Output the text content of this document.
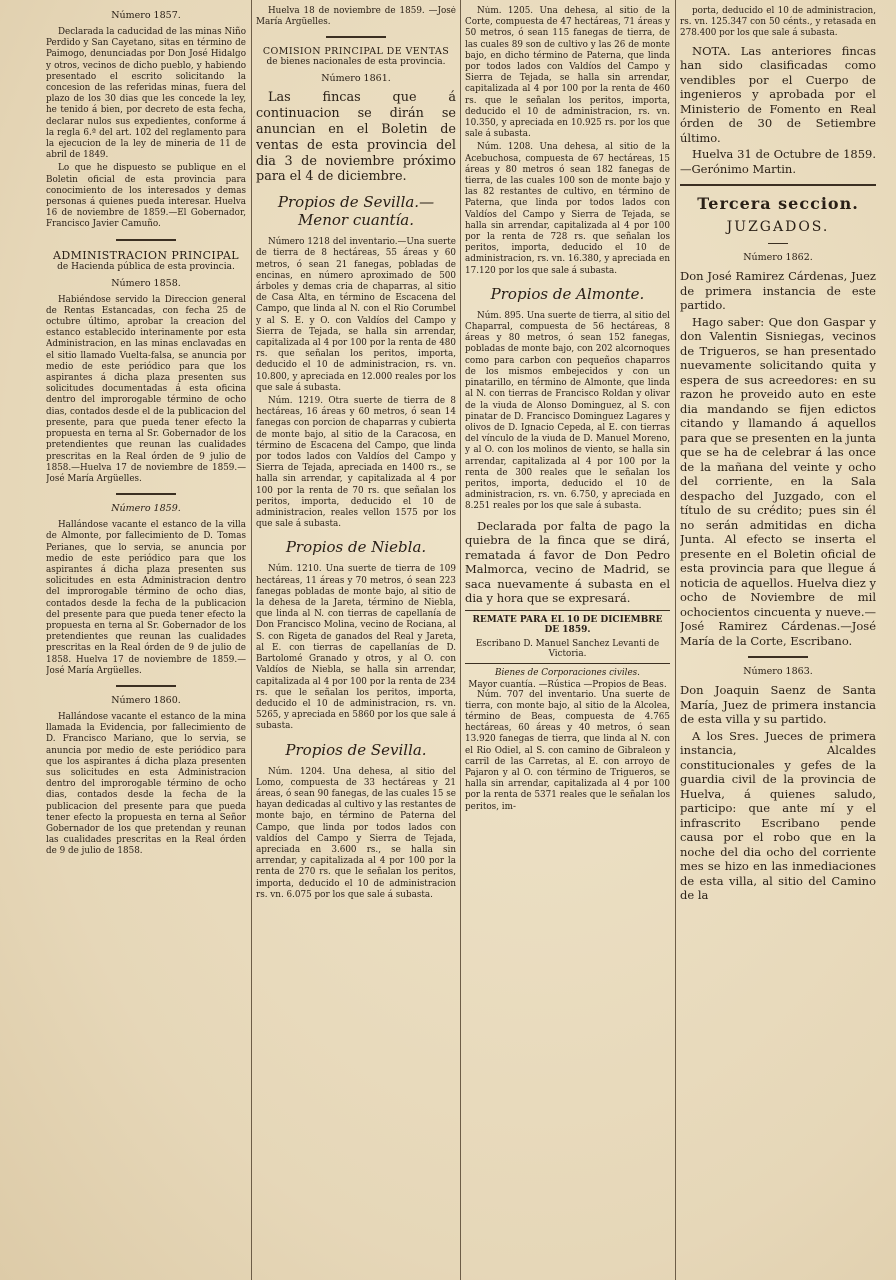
Número 1857.

Declarada la caducidad de las minas Niño Perdido y San Cayetano, sitas en término de Paimogo, denunciadas por Don José Hidalgo y otros, vecinos de dicho pueblo, y habiendo presentado el escrito solicitando la concesion de las referidas minas, fuera del plazo de los 30 dias que les concede la ley, he tenido á bien, por decreto de esta fecha, declarar nulos sus expedientes, conforme á la regla 6.ª del art. 102 del reglamento para la ejecucion de la ley de mineria de 11 de abril de 1849.

Lo que he dispuesto se publique en el Boletin oficial de esta provincia para conocimiento de los interesados y demas personas á quienes pueda interesar. Huelva 16 de noviembre de 1859.—El Gobernador, Francisco Javier Camuño.

ADMINISTRACION PRINCIPAL
de Hacienda pública de esta provincia.
Número 1858.

Habiéndose servido la Direccion general de Rentas Estancadas, con fecha 25 de octubre último, aprobar la creacion del estanco establecido interinamente por esta Administracion, en las minas enclavadas en el sitio llamado Vuelta-falsa, se anuncia por medio de este periódico para que los aspirantes á dicha plaza presenten sus solicitudes documentadas á esta oficina dentro del improrogable término de ocho dias, contados desde el de la publicacion del presente, para que pueda tener efecto la propuesta en terna al Sr. Gobernador de los pretendientes que reunan las cualidades prescritas en la Real órden de 9 julio de 1858.—Huelva 17 de noviembre de 1859.—José María Argüelles.

Número 1859.

Hallándose vacante el estanco de la villa de Almonte, por fallecimiento de D. Tomas Perianes, que lo servia, se anuncia por medio de este periódico para que los aspirantes á dicha plaza presenten sus solicitudes en esta Administracion dentro del improrogable término de ocho dias, contados desde la fecha de la publicacion del presente para que pueda tener efecto la propuesta en terna al Sr. Gobernador de los pretendientes que reunan las cualidades prescritas en la Real órden de 9 de julio de 1858. Huelva 17 de noviembre de 1859.—José María Argüelles.

Número 1860.

Hallándose vacante el estanco de la mina llamada la Evidencia, por fallecimiento de D. Francisco Mariano, que lo servia, se anuncia por medio de este periódico para que los aspirantes á dicha plaza presenten sus solicitudes en esta Administracion dentro del improrogable término de ocho dias, contados desde la fecha de la publicacion del presente para que pueda tener efecto la propuesta en terna al Señor Gobernador de los que pretendan y reunan las cualidades prescritas en la Real órden de 9 de julio de 1858.

Huelva 18 de noviembre de 1859. —José María Argüelles.

COMISION PRINCIPAL DE VENTAS
de bienes nacionales de esta provincia.
Número 1861.

Las fincas que á continuacion se dirán se anuncian en el Boletin de ventas de esta provincia del dia 3 de noviembre próximo para el 4 de diciembre.

Propios de Sevilla.—Menor cuantía.

Número 1218 del inventario.—Una suerte de tierra de 8 hectáreas, 55 áreas y 60 metros, ó sean 21 fanegas, pobladas de encinas, en número aproximado de 500 árboles y demas cria de chaparras, al sitio de Casa Alta, en término de Escacena del Campo, que linda al N. con el Rio Corumbel y al S. E. y O. con Valdíos del Campo y Sierra de Tejada, se halla sin arrendar, capitalizada al 4 por 100 por la renta de 480 rs. que señalan los peritos, importa, deducido el 10 de administracion, rs. vn. 10.800, y apreciada en 12.000 reales por los que sale á subasta.

Núm. 1219. Otra suerte de tierra de 8 hectáreas, 16 áreas y 60 metros, ó sean 14 fanegas con porcion de chaparras y cubierta de monte bajo, al sitio de la Caracosa, en término de Escacena del Campo, que linda por todos lados con Valdíos del Campo y Sierra de Tejada, apreciada en 1400 rs., se halla sin arrendar, y capitalizada al 4 por 100 por la renta de 70 rs. que señalan los peritos, importa, deducido el 10 de administracion, reales vellon 1575 por los que sale á subasta.

Propios de Niebla.

Núm. 1210. Una suerte de tierra de 109 hectáreas, 11 áreas y 70 metros, ó sean 223 fanegas pobladas de monte bajo, al sitio de la dehesa de la Jareta, término de Niebla, que linda al N. con tierras de capellanía de Don Francisco Molina, vecino de Rociana, al S. con Rigeta de ganados del Real y Jareta, al E. con tierras de capellanías de D. Bartolomé Granado y otros, y al O. con Valdíos de Niebla, se halla sin arrendar, capitalizada al 4 por 100 por la renta de 234 rs. que le señalan los peritos, importa, deducido el 10 de administracion, rs. vn. 5265, y apreciada en 5860 por los que sale á subasta.

Propios de Sevilla.

Núm. 1204. Una dehesa, al sitio del Lomo, compuesta de 33 hectáreas y 21 áreas, ó sean 90 fanegas, de las cuales 15 se hayan dedicadas al cultivo y las restantes de monte bajo, en término de Paterna del Campo, que linda por todos lados con valdíos del Campo y Sierra de Tejada, apreciada en 3.600 rs., se halla sin arrendar, y capitalizada al 4 por 100 por la renta de 270 rs. que le señalan los peritos, importa, deducido el 10 de administracion rs. vn. 6.075 por los que sale á subasta.

Núm. 1205. Una dehesa, al sitio de la Corte, compuesta de 47 hectáreas, 71 áreas y 50 metros, ó sean 115 fanegas de tierra, de las cuales 89 son de cultivo y las 26 de monte bajo, en dicho término de Paterna, que linda por todos lados con Valdíos del Campo y Sierra de Tejada, se halla sin arrendar, capitalizada al 4 por 100 por la renta de 460 rs. que le señalan los peritos, importa, deducido el 10 de administracion, rs. vn. 10.350, y apreciada en 10.925 rs. por los que sale á subasta.

Núm. 1208. Una dehesa, al sitio de la Acebuchosa, compuesta de 67 hectáreas, 15 áreas y 80 metros ó sean 182 fanegas de tierra, de las cuales 100 son de monte bajo y las 82 restantes de cultivo, en término de Paterna, que linda por todos lados con Valdíos del Campo y Sierra de Tejada, se halla sin arrendar, capitalizada al 4 por 100 por la renta de 728 rs. que señalan los peritos, importa, deducido el 10 de administracion, rs. vn. 16.380, y apreciada en 17.120 por los que sale á subasta.

Propios de Almonte.

Núm. 895. Una suerte de tierra, al sitio del Chaparral, compuesta de 56 hectáreas, 8 áreas y 80 metros, ó sean 152 fanegas, pobladas de monte bajo, con 202 alcornoques como para carbon con pequeños chaparros de los mismos embejecidos y con un pinatarillo, en término de Almonte, que linda al N. con tierras de Francisco Roldan y olivar de la viuda de Alonso Dominguez, al S. con pinatar de D. Francisco Dominguez Lagares y olivos de D. Ignacio Cepeda, al E. con tierras del vínculo de la viuda de D. Manuel Moreno, y al O. con los molinos de viento, se halla sin arrendar, capitalizada al 4 por 100 por la renta de 300 reales que le señalan los peritos, importa, deducido el 10 de administracion, rs. vn. 6.750, y apreciada en 8.251 reales por los que sale á subasta.

Declarada por falta de pago la quiebra de la finca que se dirá, rematada á favor de Don Pedro Malmorca, vecino de Madrid, se saca nuevamente á subasta en el dia y hora que se expresará.

REMATE PARA EL 10 DE DICIEMBRE DE 1859.
Escribano D. Manuel Sanchez Levanti de Victoria.
Bienes de Corporaciones civiles.
Mayor cuantía. —Rústica —Propios de Beas.

Núm. 707 del inventario. Una suerte de tierra, con monte bajo, al sitio de la Alcolea, término de Beas, compuesta de 4.765 hectáreas, 60 áreas y 40 metros, ó sean 13.920 fanegas de tierra, que linda al N. con el Rio Odiel, al S. con camino de Gibraleon y carril de las Carretas, al E. con arroyo de Pajaron y al O. con término de Trigueros, se halla sin arrendar, capitalizada al 4 por 100 por la renta de 5371 reales que le señalan los peritos, im-

porta, deducido el 10 de administracion, rs. vn. 125.347 con 50 cénts., y retasada en 278.400 por los que sale á subasta.

NOTA. Las anteriores fincas han sido clasificadas como vendibles por el Cuerpo de ingenieros y aprobada por el Ministerio de Fomento en Real órden de 30 de Setiembre último.

Huelva 31 de Octubre de 1859.—Gerónimo Martin.

Tercera seccion.
JUZGADOS.
Número 1862.

Don José Ramirez Cárdenas, Juez de primera instancia de este partido.

Hago saber: Que don Gaspar y don Valentin Sisniegas, vecinos de Trigueros, se han presentado nuevamente solicitando quita y espera de sus acreedores: en su razon he proveido auto en este dia mandando se fijen edictos citando y llamando á aquellos para que se presenten en la junta que se ha de celebrar á las once de la mañana del veinte y ocho del corriente, en la Sala despacho del Juzgado, con el título de su crédito; pues sin él no serán admitidas en dicha Junta. Al efecto se inserta el presente en el Boletin oficial de esta provincia para que llegue á noticia de aquellos. Huelva diez y ocho de Noviembre de mil ochocientos cincuenta y nueve.—José Ramirez Cárdenas.—José María de la Corte, Escribano.

Número 1863.

Don Joaquin Saenz de Santa María, Juez de primera instancia de esta villa y su partido.

A los Sres. Jueces de primera instancia, Alcaldes constitucionales y gefes de la guardia civil de la provincia de Huelva, á quienes saludo, participo: que ante mí y el infrascrito Escribano pende causa por el robo que en la noche del dia ocho del corriente mes se hizo en las inmediaciones de esta villa, al sitio del Camino de la
